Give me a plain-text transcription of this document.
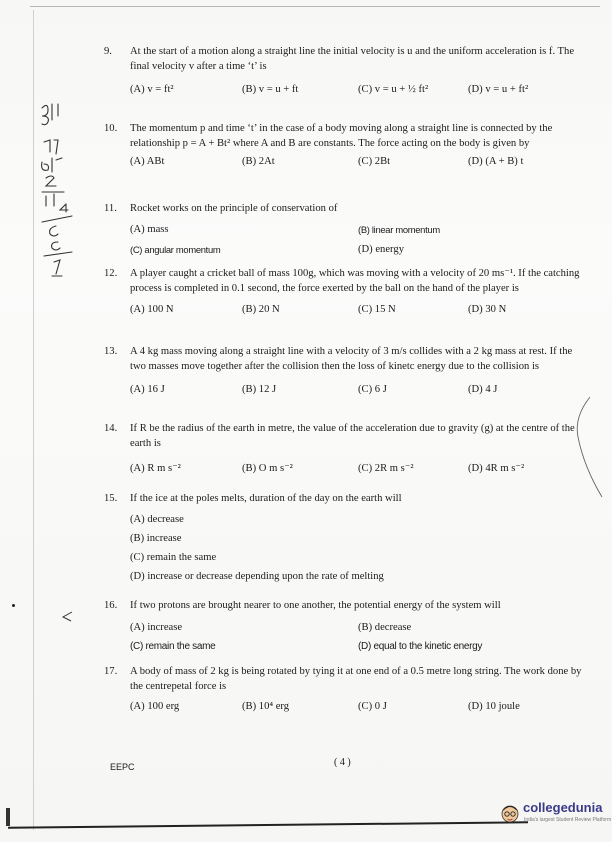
9. At the start of a motion along a straight line the initial velocity is u and the uniform acceleration is f. The final velocity v after a time ‘t’ is
(A) v = ft²	(B) v = u + ft	(C) v = u + ½ ft²	(D) v = u + ft²
10. The momentum p and time ‘t’ in the case of a body moving along a straight line is connected by the relationship p = A + Bt² where A and B are constants. The force acting on the body is given by
(A) ABt	(B) 2At	(C) 2Bt	(D) (A + B) t
11. Rocket works on the principle of conservation of
(A) mass	(B) linear momentum
(C) angular momentum	(D) energy
12. A player caught a cricket ball of mass 100g, which was moving with a velocity of 20 ms⁻¹. If the catching process is completed in 0.1 second, the force exerted by the ball on the hand of the player is
(A) 100 N	(B) 20 N	(C) 15 N	(D) 30 N
13. A 4 kg mass moving along a straight line with a velocity of 3 m/s collides with a 2 kg mass at rest. If the two masses move together after the collision then the loss of kinetc energy due to the collision is
(A) 16 J	(B) 12 J	(C) 6 J	(D) 4 J
14. If R be the radius of the earth in metre, the value of the acceleration due to gravity (g) at the centre of the earth is
(A) R m s⁻²	(B) O m s⁻²	(C) 2R m s⁻²	(D) 4R m s⁻²
15. If the ice at the poles melts, duration of the day on the earth will
(A) decrease
(B) increase
(C) remain the same
(D) increase or decrease depending upon the rate of melting
16. If two protons are brought nearer to one another, the potential energy of the system will
(A) increase	(B) decrease
(C) remain the same	(D) equal to the kinetic energy
17. A body of mass of 2 kg is being rotated by tying it at one end of a 0.5 metre long string. The work done by the centrepetal force is
(A) 100 erg	(B) 10⁴ erg	(C) 0 J	(D) 10 joule
EEPC	( 4 )
collegedunia
India's largest Student Review Platform
